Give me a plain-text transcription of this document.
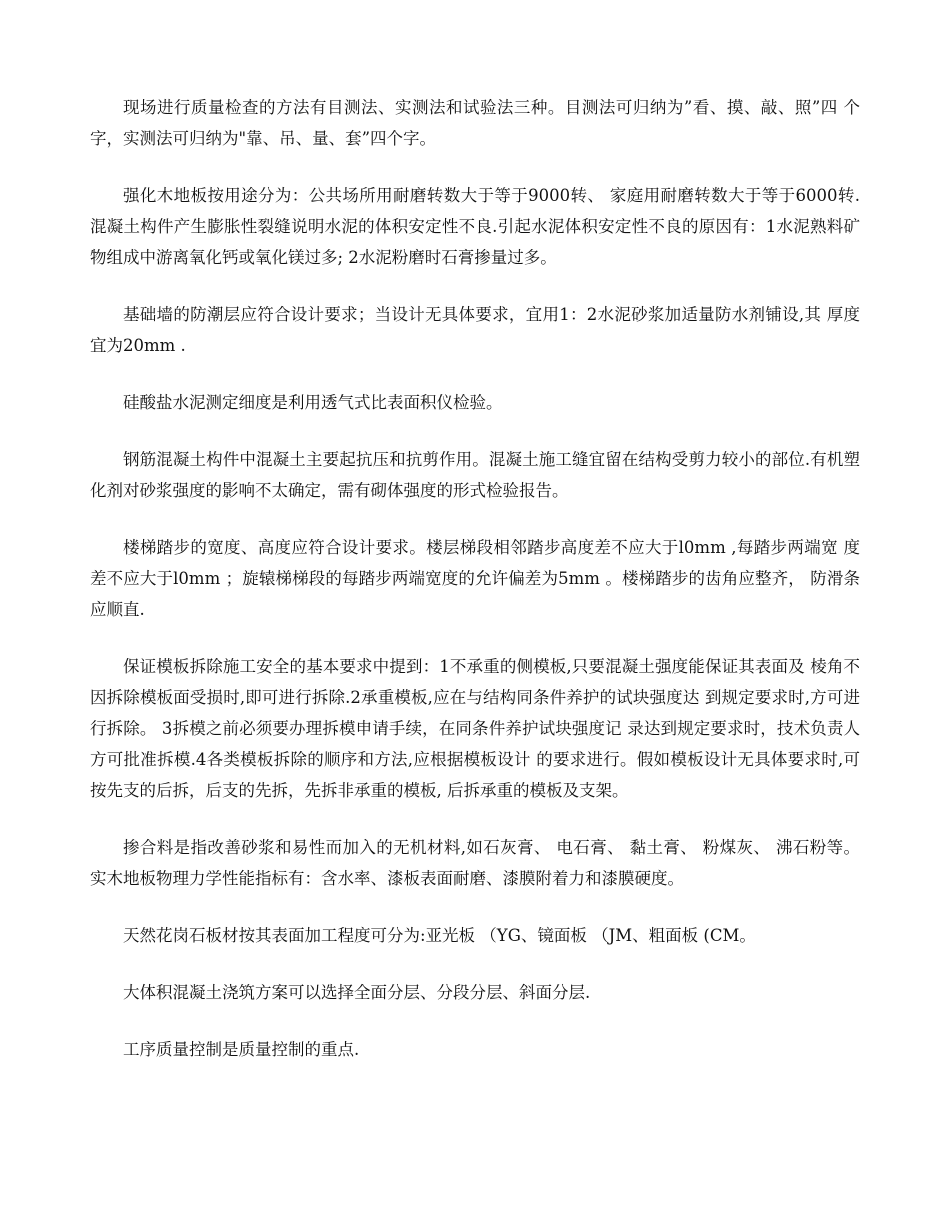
现场进行质量检查的方法有目测法、实测法和试验法三种。目测法可归纳为”看、摸、敲、照”四 个字，实测法可归纳为"靠、吊、量、套”四个字。

强化木地板按用途分为：公共场所用耐磨转数大于等于9000转、 家庭用耐磨转数大于等于6000转.混凝土构件产生膨胀性裂缝说明水泥的体积安定性不良.引起水泥体积安定性不良的原因有：1水泥熟料矿物组成中游离氧化钙或氧化镁过多; 2水泥粉磨时石膏掺量过多。

基础墙的防潮层应符合设计要求；当设计无具体要求，宜用1：2水泥砂浆加适量防水剂铺设,其 厚度宜为20mm .

硅酸盐水泥测定细度是利用透气式比表面积仪检验。

钢筋混凝土构件中混凝土主要起抗压和抗剪作用。混凝土施工缝宜留在结构受剪力较小的部位.有机塑化剂对砂浆强度的影响不太确定，需有砌体强度的形式检验报告。

楼梯踏步的宽度、高度应符合设计要求。楼层梯段相邻踏步高度差不应大于l0mm ,每踏步两端宽 度差不应大于l0mm ；旋辕梯梯段的每踏步两端宽度的允许偏差为5mm 。楼梯踏步的齿角应整齐， 防滑条应顺直.

保证模板拆除施工安全的基本要求中提到：1不承重的侧模板,只要混凝土强度能保证其表面及 棱角不因拆除模板面受损时,即可进行拆除.2承重模板,应在与结构同条件养护的试块强度达 到规定要求时,方可进行拆除。 3拆模之前必须要办理拆模申请手续，在同条件养护试块强度记 录达到规定要求时，技术负责人方可批准拆模.4各类模板拆除的顺序和方法,应根据模板设计 的要求进行。假如模板设计无具体要求时,可按先支的后拆，后支的先拆，先拆非承重的模板, 后拆承重的模板及支架。

掺合料是指改善砂浆和易性而加入的无机材料,如石灰膏、 电石膏、 黏土膏、 粉煤灰、 沸石粉等。 实木地板物理力学性能指标有：含水率、漆板表面耐磨、漆膜附着力和漆膜硬度。

天然花岗石板材按其表面加工程度可分为:亚光板 （YG、镜面板 （JM、粗面板 (CM。

大体积混凝土浇筑方案可以选择全面分层、分段分层、斜面分层.

工序质量控制是质量控制的重点.
